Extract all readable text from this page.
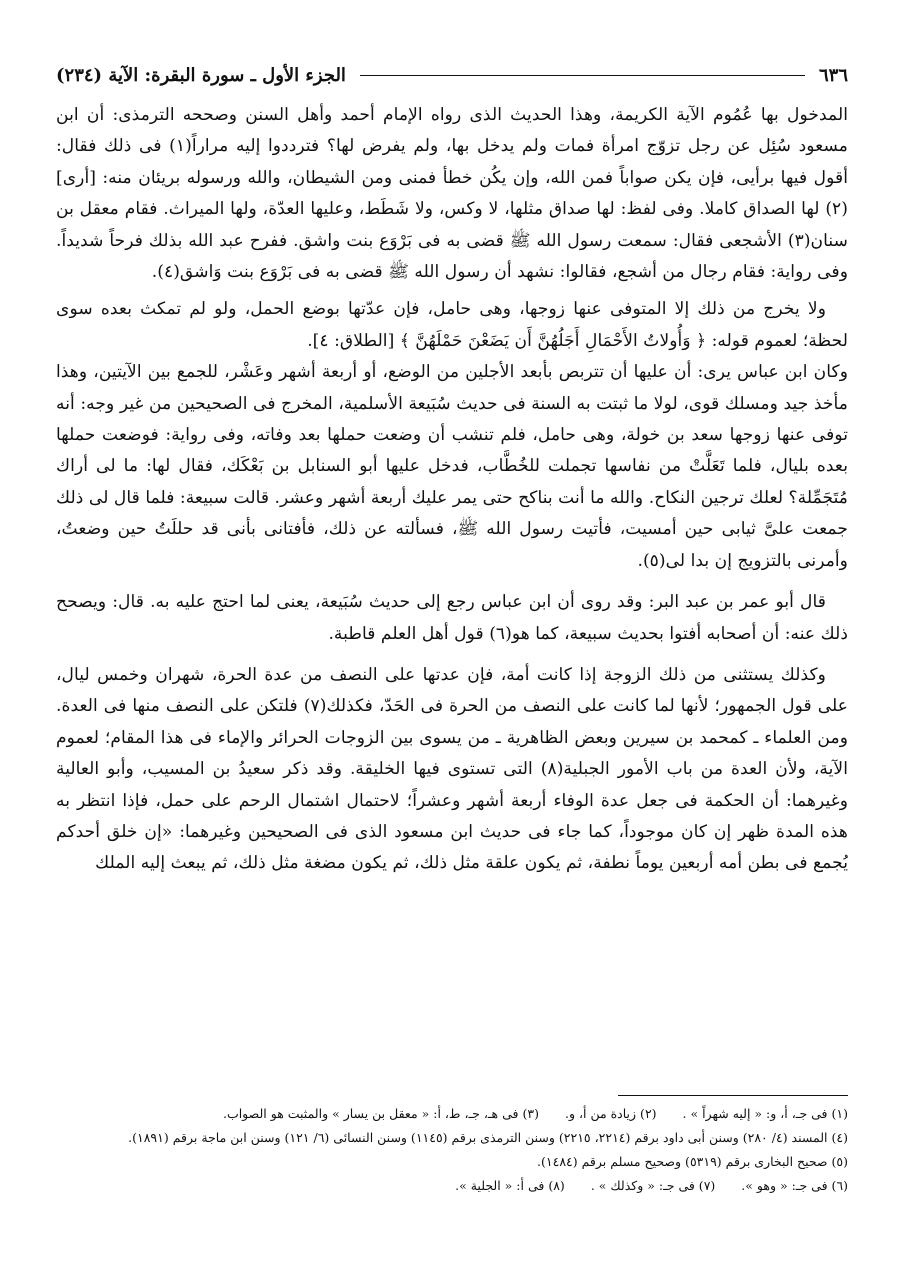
٦٣٦
الجزء الأول ـ سورة البقرة: الآية (٢٣٤)

المدخول بها عُمُوم الآية الكريمة، وهذا الحديث الذى رواه الإمام أحمد وأهل السنن وصححه الترمذى: أن ابن مسعود سُئِل عن رجل تزوّج امرأة فمات ولم يدخل بها، ولم يفرض لها؟ فترددوا إليه مراراً(١) فى ذلك فقال: أقول فيها برأيى، فإن يكن صواباً فمن الله، وإن يكُن خطأ فمنى ومن الشيطان، والله ورسوله بريئان منه: [أرى](٢) لها الصداق كاملا. وفى لفظ: لها صداق مثلها، لا وكس، ولا شَطَط، وعليها العدّة، ولها الميراث. فقام معقل بن سنان(٣) الأشجعى فقال: سمعت رسول الله ﷺ قضى به فى بَرْوَع بنت واشق. ففرح عبد الله بذلك فرحاً شديداً. وفى رواية: فقام رجال من أشجع، فقالوا: نشهد أن رسول الله ﷺ قضى به فى بَرْوَع بنت وَاشق(٤).

ولا يخرج من ذلك إلا المتوفى عنها زوجها، وهى حامل، فإن عدّتها بوضع الحمل، ولو لم تمكث بعده سوى لحظة؛ لعموم قوله: ﴿ وَأُولاتُ الأَحْمَالِ أَجَلُهُنَّ أَن يَضَعْنَ حَمْلَهُنَّ ﴾ [الطلاق: ٤].

وكان ابن عباس يرى: أن عليها أن تتربص بأبعد الأجلين من الوضع، أو أربعة أشهر وعَشْر، للجمع بين الآيتين، وهذا مأخذ جيد ومسلك قوى، لولا ما ثبتت به السنة فى حديث سُبَيعة الأسلمية، المخرج فى الصحيحين من غير وجه: أنه توفى عنها زوجها سعد بن خولة، وهى حامل، فلم تنشب أن وضعت حملها بعد وفاته، وفى رواية: فوضعت حملها بعده بليال، فلما تَعَلَّتْ من نفاسها تجملت للخُطَّاب، فدخل عليها أبو السنابل بن بَعْكَك، فقال لها: ما لى أراك مُتَجَمِّلة؟ لعلك ترجين النكاح. والله ما أنت بناكح حتى يمر عليك أربعة أشهر وعشر. قالت سبيعة: فلما قال لى ذلك جمعت علىَّ ثيابى حين أمسيت، فأتيت رسول الله ﷺ، فسألته عن ذلك، فأفتانى بأنى قد حللَتُ حين وضعتُ، وأمرنى بالتزويج إن بدا لى(٥).

قال أبو عمر بن عبد البر: وقد روى أن ابن عباس رجع إلى حديث سُبَيعة، يعنى لما احتج عليه به. قال: ويصحح ذلك عنه: أن أصحابه أفتوا بحديث سبيعة، كما هو(٦) قول أهل العلم قاطبة.

وكذلك يستثنى من ذلك الزوجة إذا كانت أمة، فإن عدتها على النصف من عدة الحرة، شهران وخمس ليال، على قول الجمهور؛ لأنها لما كانت على النصف من الحرة فى الحَدّ، فكذلك(٧) فلتكن على النصف منها فى العدة. ومن العلماء ـ كمحمد بن سيرين وبعض الظاهرية ـ من يسوى بين الزوجات الحرائر والإماء فى هذا المقام؛ لعموم الآية، ولأن العدة من باب الأمور الجبلية(٨) التى تستوى فيها الخليقة. وقد ذكر سعيدُ بن المسيب، وأبو العالية وغيرهما: أن الحكمة فى جعل عدة الوفاء أربعة أشهر وعشراً؛ لاحتمال اشتمال الرحم على حمل، فإذا انتظر به هذه المدة ظهر إن كان موجوداً، كما جاء فى حديث ابن مسعود الذى فى الصحيحين وغيرهما: «إن خلق أحدكم يُجمع فى بطن أمه أربعين يوماً نطفة، ثم يكون علقة مثل ذلك، ثم يكون مضغة مثل ذلك، ثم يبعث إليه الملك

(١) فى جـ، أ، و: « إليه شهراً » .
(٢) زيادة من أ، و.
(٣) فى هـ، جـ، ط، أ: « معقل بن يسار » والمثبت هو الصواب.
(٤) المسند (٤/ ٢٨٠) وسنن أبى داود برقم (٢٢١٤، ٢٢١٥) وسنن الترمذى برقم (١١٤٥) وسنن النسائى (٦/ ١٢١) وسنن ابن ماجة برقم (١٨٩١).
(٥) صحيح البخارى برقم (٥٣١٩) وصحيح مسلم برقم (١٤٨٤).
(٦) فى جـ: « وهو ».
(٧) فى جـ: « وكذلك » .
(٨) فى أ: « الجلية ».
